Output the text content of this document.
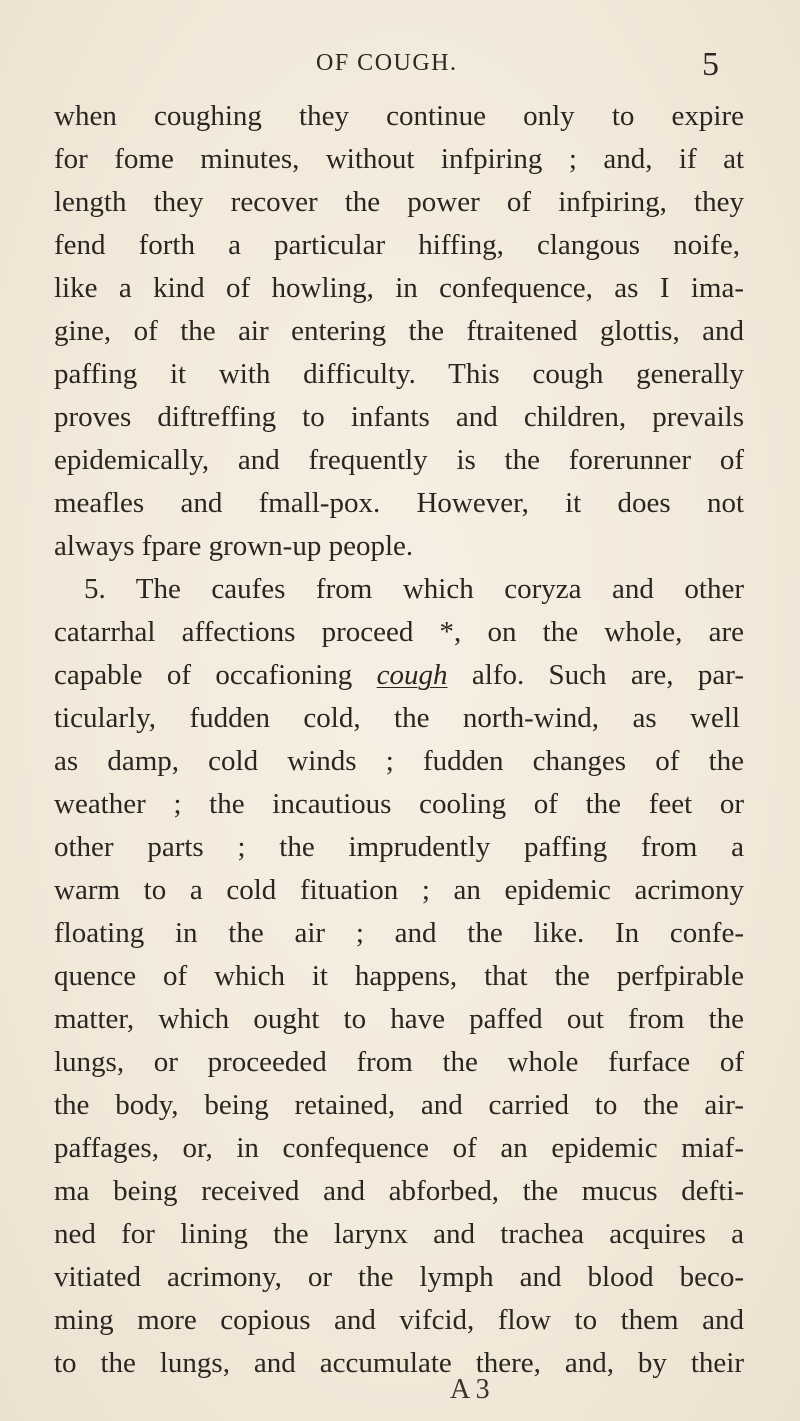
OF COUGH.	5
when coughing they continue only to expire
for fome minutes, without infpiring ; and, if at
length they recover the power of infpiring, they
fend forth a particular hiffing, clangous noife,
like a kind of howling, in confequence, as I ima-
gine, of the air entering the ftraitened glottis, and
paffing it with difficulty. This cough generally
proves diftreffing to infants and children, prevails
epidemically, and frequently is the forerunner of
meafles and fmall-pox. However, it does not
always fpare grown-up people.
5. The caufes from which coryza and other
catarrhal affections proceed *, on the whole, are
capable of occafioning cough alfo. Such are, par-
ticularly, fudden cold, the north-wind, as well
as damp, cold winds ; fudden changes of the
weather ; the incautious cooling of the feet or
other parts ; the imprudently paffing from a
warm to a cold fituation ; an epidemic acrimony
floating in the air ; and the like. In confe-
quence of which it happens, that the perfpirable
matter, which ought to have paffed out from the
lungs, or proceeded from the whole furface of
the body, being retained, and carried to the air-
paffages, or, in confequence of an epidemic miaf-
ma being received and abforbed, the mucus defti-
ned for lining the larynx and trachea acquires a
vitiated acrimony, or the lymph and blood beco-
ming more copious and vifcid, flow to them and
to the lungs, and accumulate there, and, by their
A 3
